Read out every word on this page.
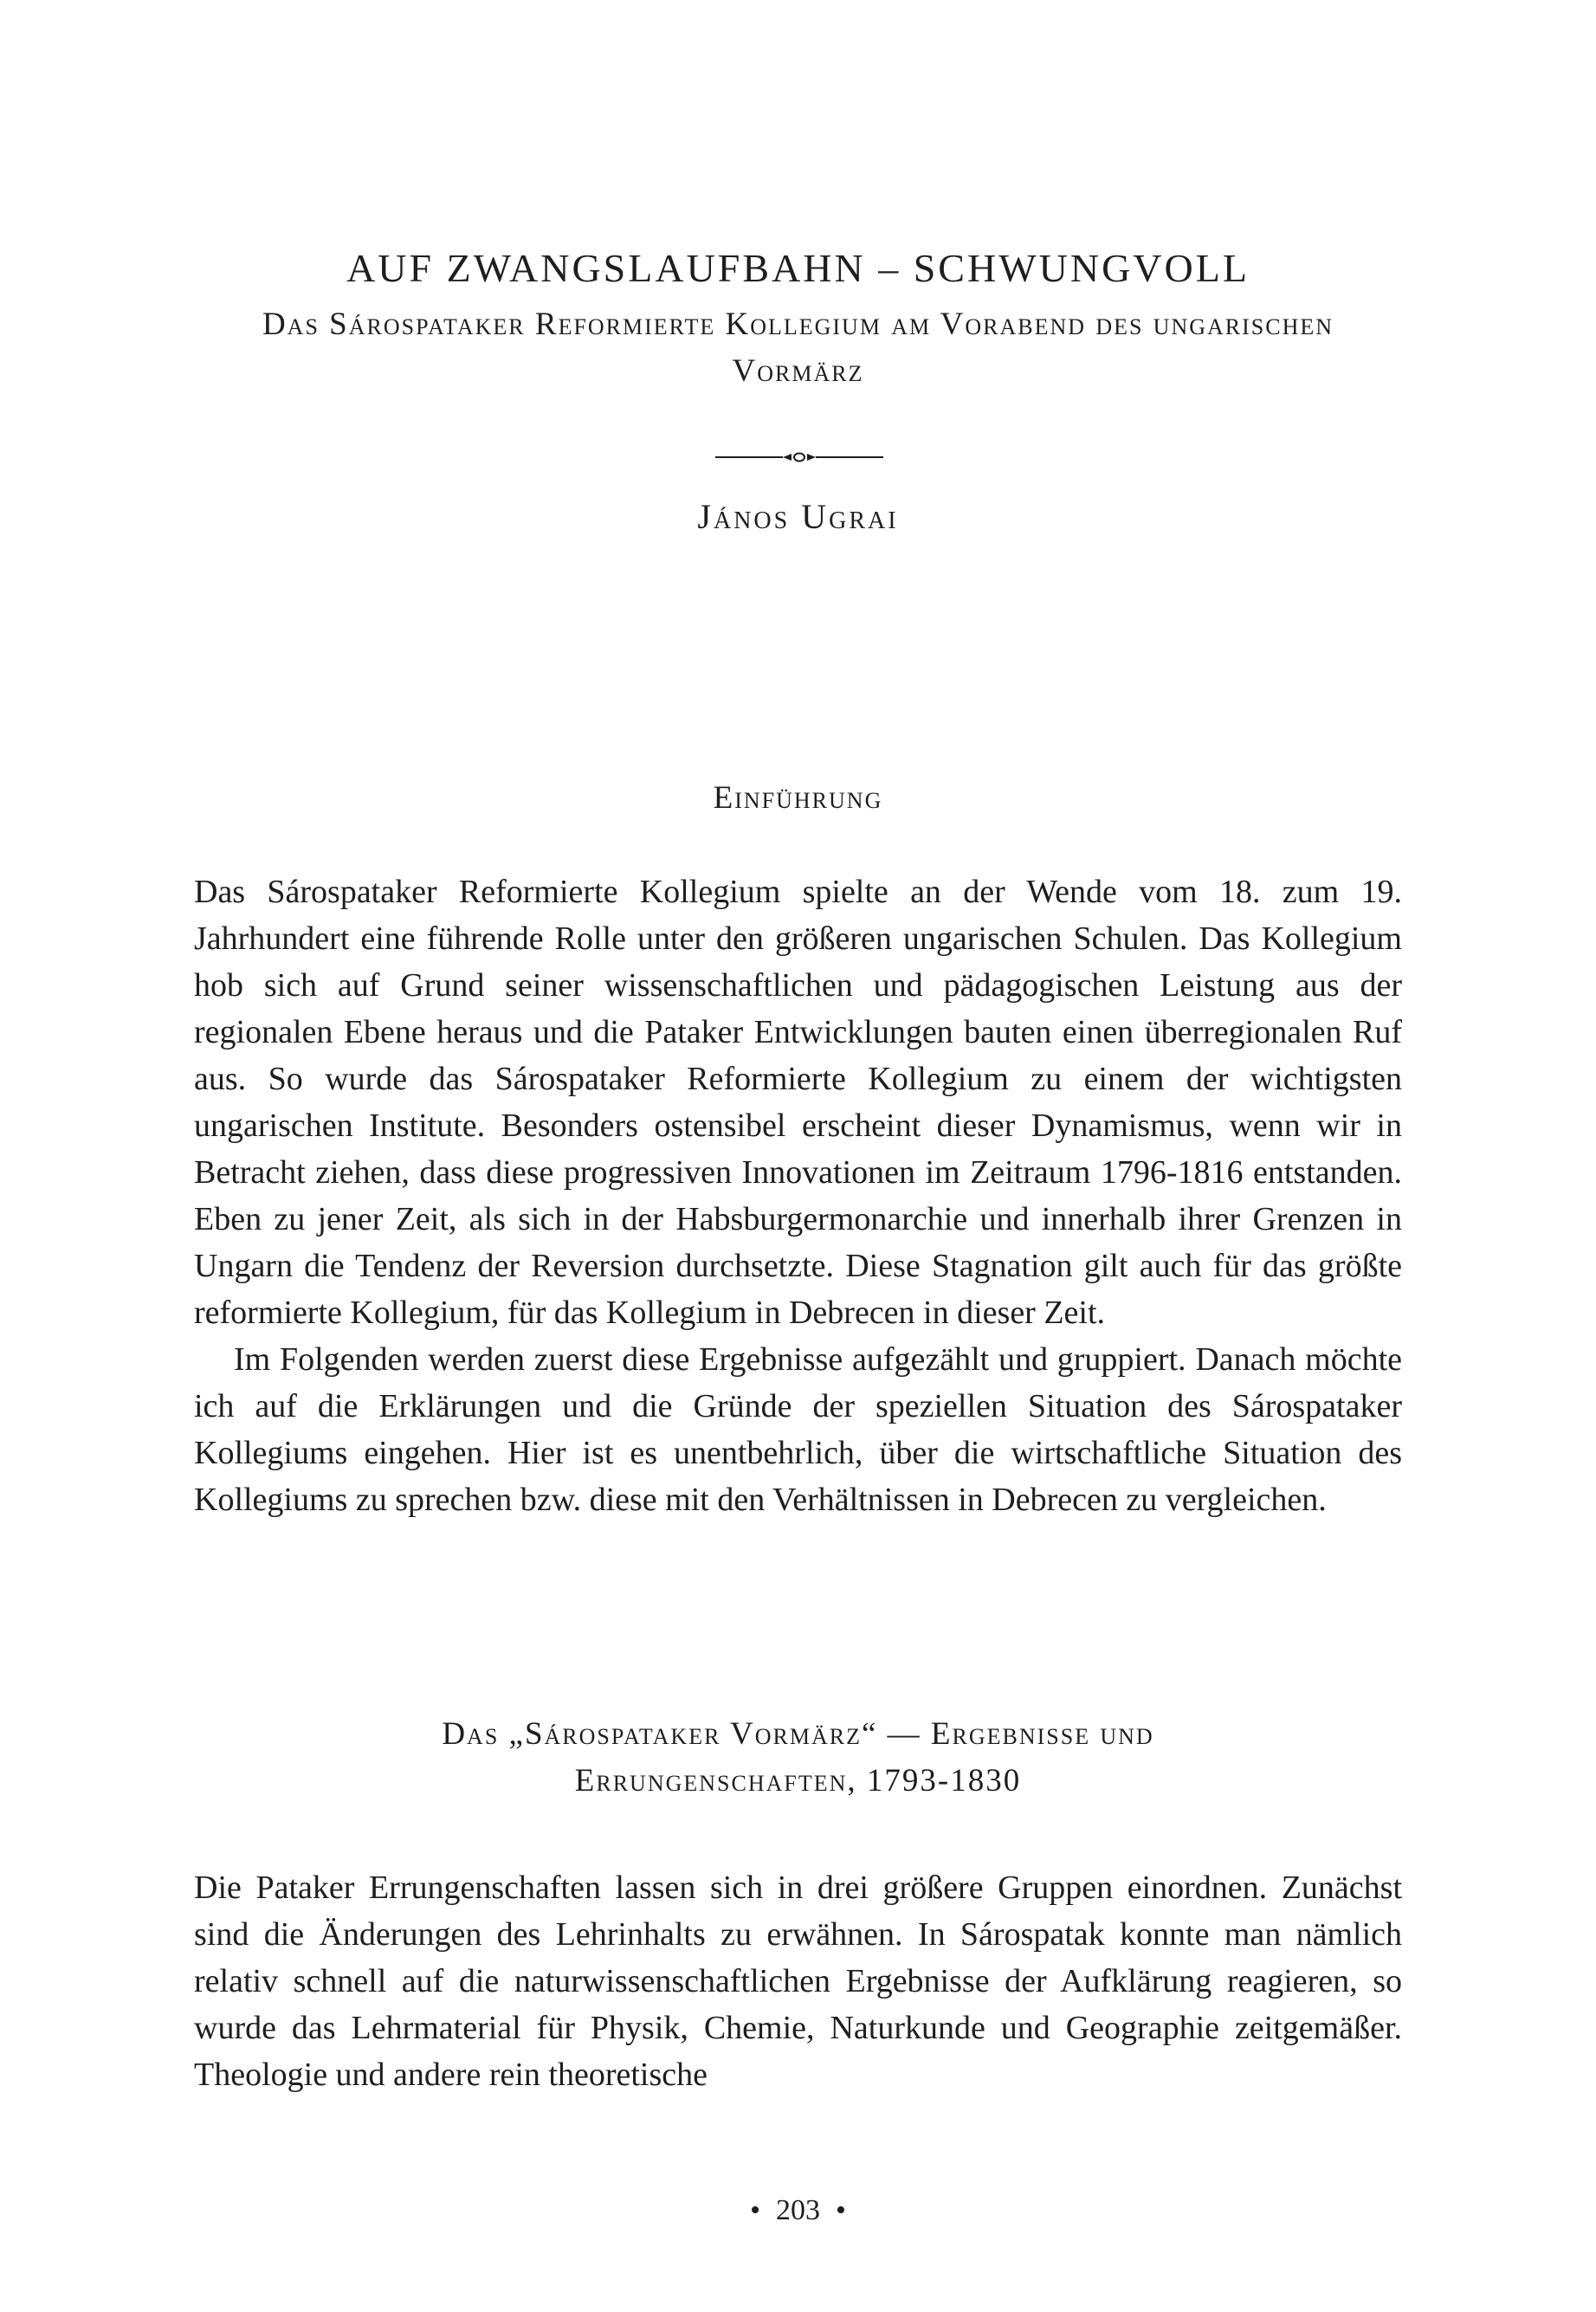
AUF ZWANGSLAUFBAHN – SCHWUNGVOLL
Das Sárospataker Reformierte Kollegium am Vorabend des ungarischen Vormärz
János Ugrai
Einführung

Das Sárospataker Reformierte Kollegium spielte an der Wende vom 18. zum 19. Jahrhundert eine führende Rolle unter den größeren ungarischen Schulen. Das Kollegium hob sich auf Grund seiner wissenschaftlichen und pädagogischen Leistung aus der regionalen Ebene heraus und die Pataker Entwicklungen bauten einen überregionalen Ruf aus. So wurde das Sárospataker Reformierte Kollegium zu einem der wichtigsten ungarischen Institute. Besonders ostensibel erscheint dieser Dynamismus, wenn wir in Betracht ziehen, dass diese progressiven Innovationen im Zeitraum 1796-1816 entstanden. Eben zu jener Zeit, als sich in der Habsburgermonarchie und innerhalb ihrer Grenzen in Ungarn die Tendenz der Reversion durchsetzte. Diese Stagnation gilt auch für das größte reformierte Kollegium, für das Kollegium in Debrecen in dieser Zeit.

Im Folgenden werden zuerst diese Ergebnisse aufgezählt und gruppiert. Danach möchte ich auf die Erklärungen und die Gründe der speziellen Situation des Sárospataker Kollegiums eingehen. Hier ist es unentbehrlich, über die wirtschaftliche Situation des Kollegiums zu sprechen bzw. diese mit den Verhältnissen in Debrecen zu vergleichen.

Das „Sárospataker Vormärz“ — Ergebnisse und
Errungenschaften, 1793-1830

Die Pataker Errungenschaften lassen sich in drei größere Gruppen einordnen. Zunächst sind die Änderungen des Lehrinhalts zu erwähnen. In Sárospatak konnte man nämlich relativ schnell auf die naturwissenschaftlichen Ergebnisse der Aufklärung reagieren, so wurde das Lehrmaterial für Physik, Chemie, Naturkunde und Geographie zeitgemäßer. Theologie und andere rein theoretische

• 203 •
